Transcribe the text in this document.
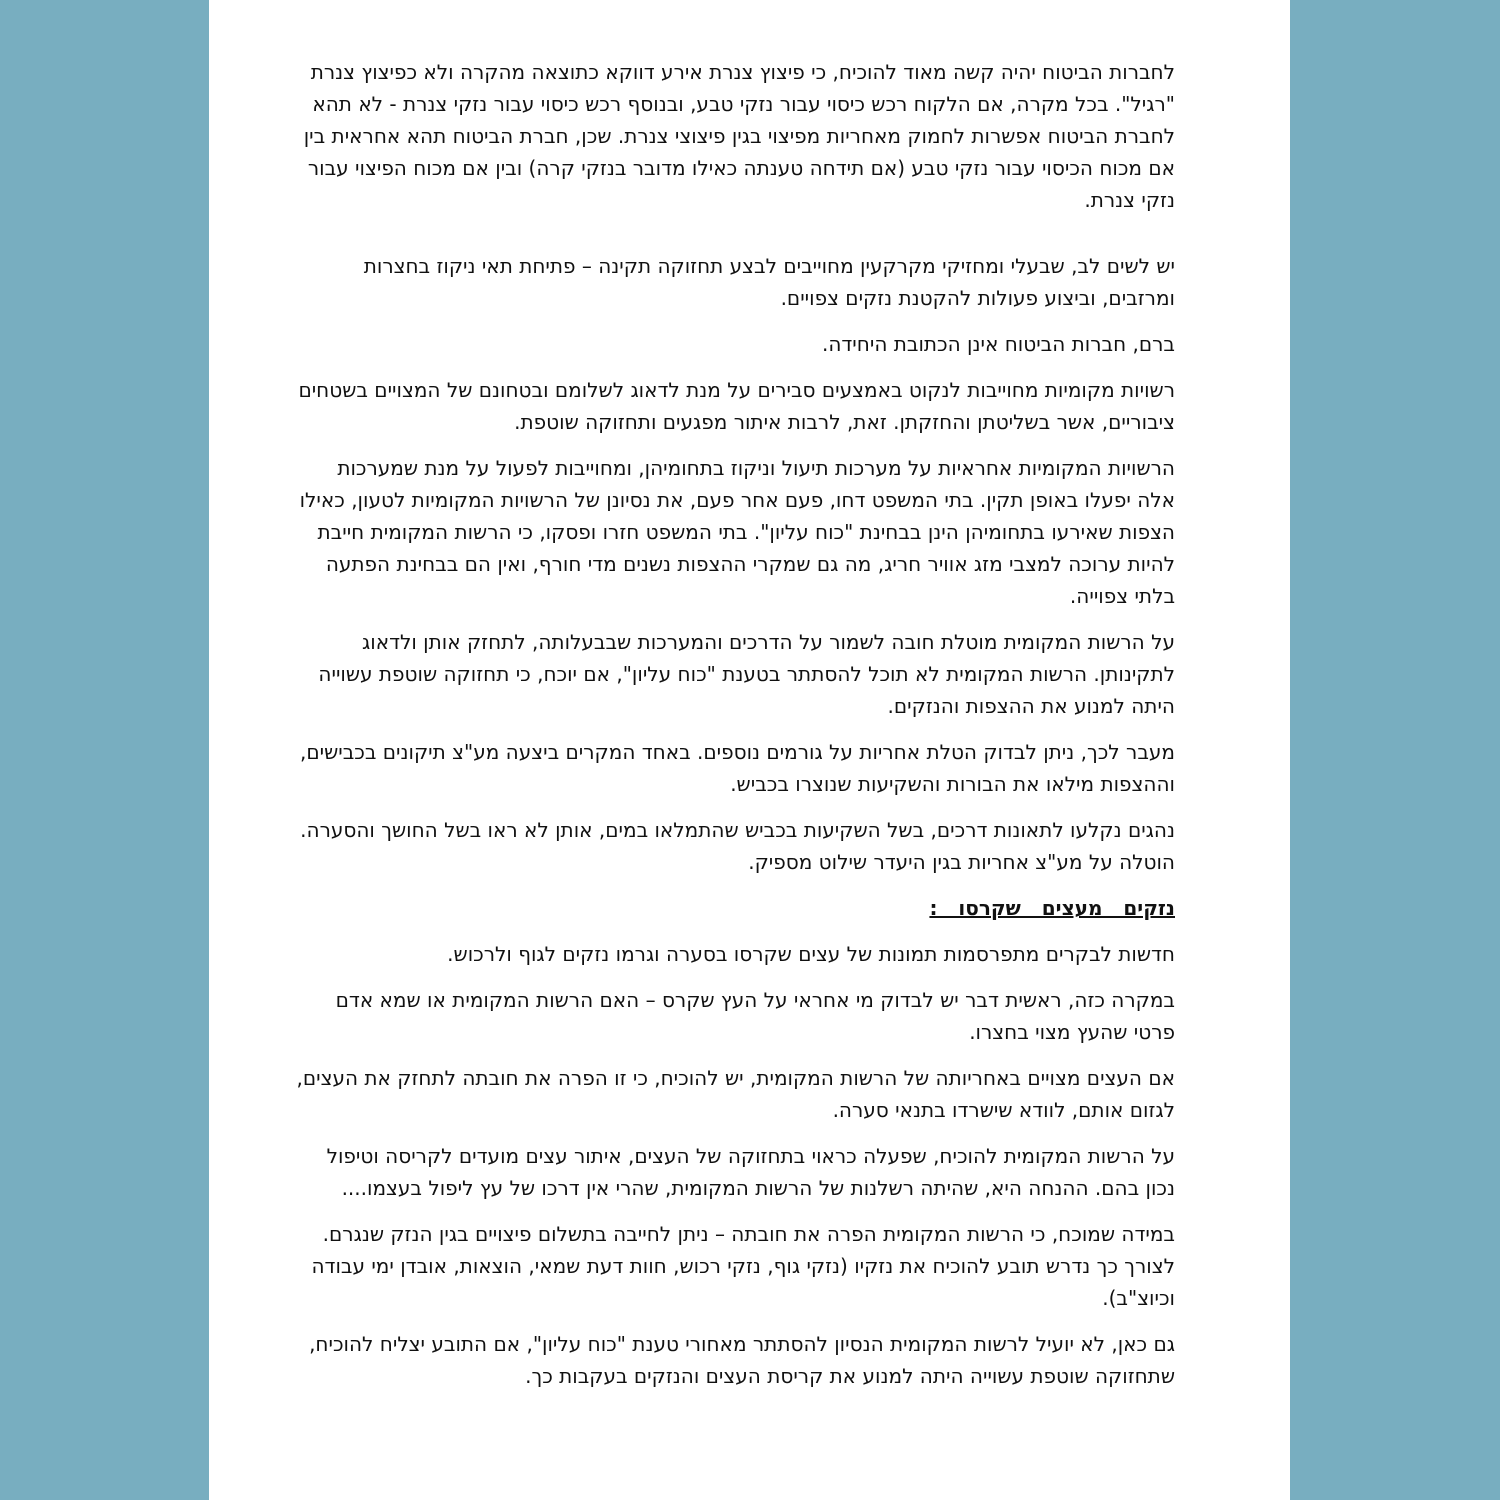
לחברות הביטוח יהיה קשה מאוד להוכיח, כי פיצוץ צנרת אירע דווקא כתוצאה מהקרה ולא כפיצוץ צנרת "רגיל". בכל מקרה, אם הלקוח רכש כיסוי עבור נזקי טבע, ובנוסף רכש כיסוי עבור נזקי צנרת - לא תהא לחברת הביטוח אפשרות לחמוק מאחריות מפיצוי בגין פיצוצי צנרת. שכן, חברת הביטוח תהא אחראית בין אם מכוח הכיסוי עבור נזקי טבע (אם תידחה טענתה כאילו מדובר בנזקי קרה) ובין אם מכוח הפיצוי עבור נזקי צנרת.

יש לשים לב, שבעלי ומחזיקי מקרקעין מחוייבים לבצע תחזוקה תקינה – פתיחת תאי ניקוז בחצרות ומרזבים, וביצוע פעולות להקטנת נזקים צפויים.

ברם, חברות הביטוח אינן הכתובת היחידה.

רשויות מקומיות מחוייבות לנקוט באמצעים סבירים על מנת לדאוג לשלומם ובטחונם של המצויים בשטחים ציבוריים, אשר בשליטתן והחזקתן. זאת, לרבות איתור מפגעים ותחזוקה שוטפת.

הרשויות המקומיות אחראיות על מערכות תיעול וניקוז בתחומיהן, ומחוייבות לפעול על מנת שמערכות אלה יפעלו באופן תקין. בתי המשפט דחו, פעם אחר פעם, את נסיונן של הרשויות המקומיות לטעון, כאילו הצפות שאירעו בתחומיהן הינן בבחינת "כוח עליון". בתי המשפט חזרו ופסקו, כי הרשות המקומית חייבת להיות ערוכה למצבי מזג אוויר חריג, מה גם שמקרי ההצפות נשנים מדי חורף, ואין הם בבחינת הפתעה בלתי צפוייה.

על הרשות המקומית מוטלת חובה לשמור על הדרכים והמערכות שבבעלותה, לתחזק אותן ולדאוג לתקינותן. הרשות המקומית לא תוכל להסתתר בטענת "כוח עליון", אם יוכח, כי תחזוקה שוטפת עשוייה היתה למנוע את ההצפות והנזקים.

מעבר לכך, ניתן לבדוק הטלת אחריות על גורמים נוספים. באחד המקרים ביצעה מע"צ תיקונים בכבישים, וההצפות מילאו את הבורות והשקיעות שנוצרו בכביש.

נהגים נקלעו לתאונות דרכים, בשל השקיעות בכביש שהתמלאו במים, אותן לא ראו בשל החושך והסערה. הוטלה על מע"צ אחריות בגין היעדר שילוט מספיק.

נזקים מעצים שקרסו :

חדשות לבקרים מתפרסמות תמונות של עצים שקרסו בסערה וגרמו נזקים לגוף ולרכוש.

במקרה כזה, ראשית דבר יש לבדוק מי אחראי על העץ שקרס – האם הרשות המקומית או שמא אדם פרטי שהעץ מצוי בחצרו.

אם העצים מצויים באחריותה של הרשות המקומית, יש להוכיח, כי זו הפרה את חובתה לתחזק את העצים, לגזום אותם, לוודא שישרדו בתנאי סערה.

על הרשות המקומית להוכיח, שפעלה כראוי בתחזוקה של העצים, איתור עצים מועדים לקריסה וטיפול נכון בהם. ההנחה היא, שהיתה רשלנות של הרשות המקומית, שהרי אין דרכו של עץ ליפול בעצמו....

במידה שמוכח, כי הרשות המקומית הפרה את חובתה – ניתן לחייבה בתשלום פיצויים בגין הנזק שנגרם. לצורך כך נדרש תובע להוכיח את נזקיו (נזקי גוף, נזקי רכוש, חוות דעת שמאי, הוצאות, אובדן ימי עבודה וכיוצ"ב).

גם כאן, לא יועיל לרשות המקומית הנסיון להסתתר מאחורי טענת "כוח עליון", אם התובע יצליח להוכיח, שתחזוקה שוטפת עשוייה היתה למנוע את קריסת העצים והנזקים בעקבות כך.
